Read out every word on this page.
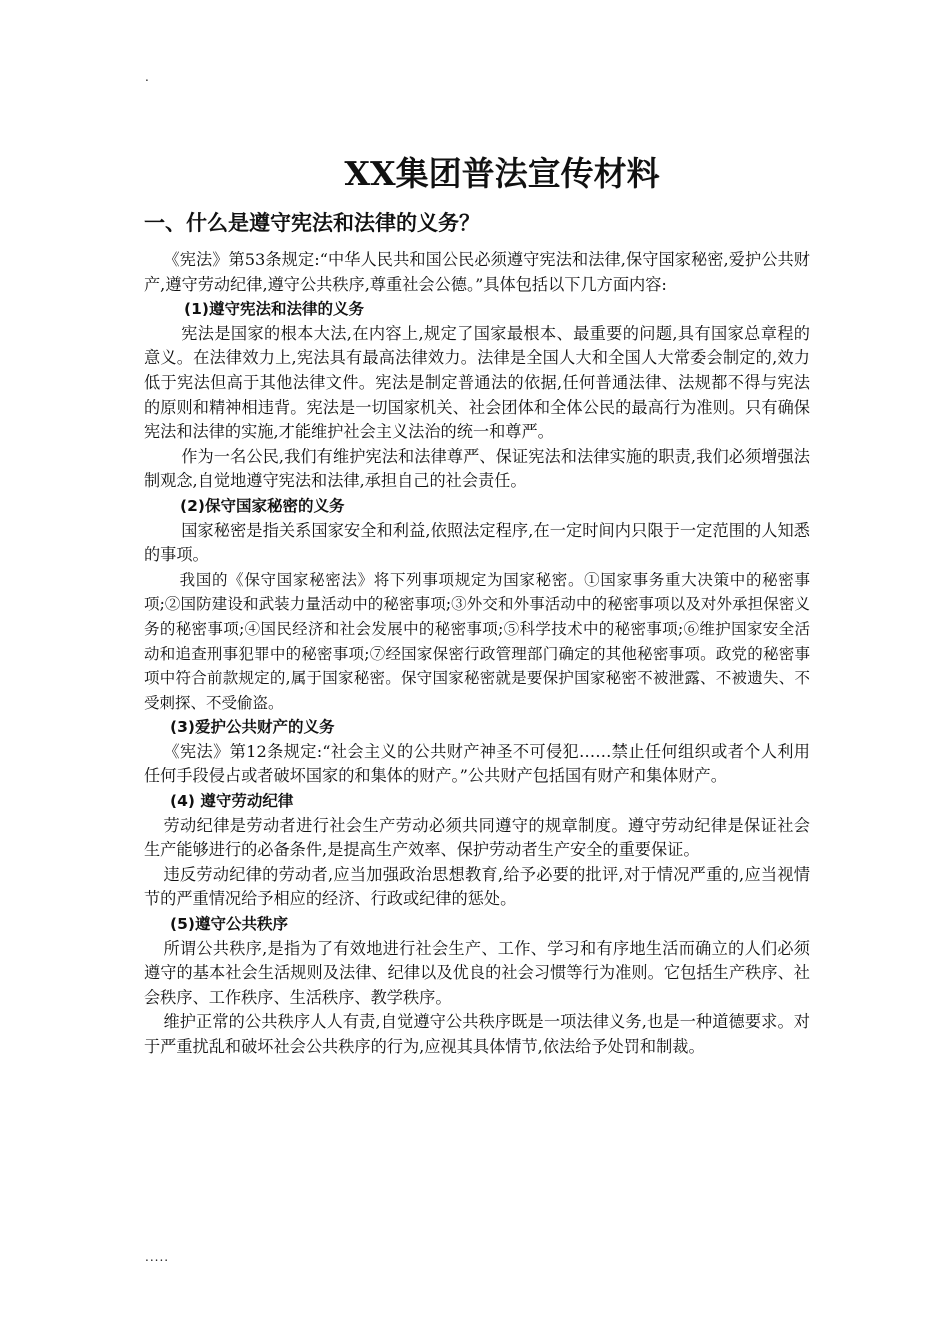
.
XX集团普法宣传材料
一、什么是遵守宪法和法律的义务？

《宪法》第53条规定:“中华人民共和国公民必须遵守宪法和法律,保守国家秘密,爱护公共财产,遵守劳动纪律,遵守公共秩序,尊重社会公德。”具体包括以下几方面内容:

(1)遵守宪法和法律的义务

宪法是国家的根本大法,在内容上,规定了国家最根本、最重要的问题,具有国家总章程的意义。在法律效力上,宪法具有最高法律效力。法律是全国人大和全国人大常委会制定的,效力低于宪法但高于其他法律文件。宪法是制定普通法的依据,任何普通法律、法规都不得与宪法的原则和精神相违背。宪法是一切国家机关、社会团体和全体公民的最高行为准则。只有确保宪法和法律的实施,才能维护社会主义法治的统一和尊严。

作为一名公民,我们有维护宪法和法律尊严、保证宪法和法律实施的职责,我们必须增强法制观念,自觉地遵守宪法和法律,承担自己的社会责任。

(2)保守国家秘密的义务

国家秘密是指关系国家安全和利益,依照法定程序,在一定时间内只限于一定范围的人知悉的事项。

我国的《保守国家秘密法》将下列事项规定为国家秘密。①国家事务重大决策中的秘密事项;②国防建设和武装力量活动中的秘密事项;③外交和外事活动中的秘密事项以及对外承担保密义务的秘密事项;④国民经济和社会发展中的秘密事项;⑤科学技术中的秘密事项;⑥维护国家安全活动和追查刑事犯罪中的秘密事项;⑦经国家保密行政管理部门确定的其他秘密事项。政党的秘密事项中符合前款规定的,属于国家秘密。保守国家秘密就是要保护国家秘密不被泄露、不被遗失、不受刺探、不受偷盗。

(3)爱护公共财产的义务

《宪法》第12条规定:“社会主义的公共财产神圣不可侵犯……禁止任何组织或者个人利用任何手段侵占或者破坏国家的和集体的财产。”公共财产包括国有财产和集体财产。

(4) 遵守劳动纪律

劳动纪律是劳动者进行社会生产劳动必须共同遵守的规章制度。遵守劳动纪律是保证社会生产能够进行的必备条件,是提高生产效率、保护劳动者生产安全的重要保证。

违反劳动纪律的劳动者,应当加强政治思想教育,给予必要的批评,对于情况严重的,应当视情节的严重情况给予相应的经济、行政或纪律的惩处。

(5)遵守公共秩序

所谓公共秩序,是指为了有效地进行社会生产、工作、学习和有序地生活而确立的人们必须遵守的基本社会生活规则及法律、纪律以及优良的社会习惯等行为准则。它包括生产秩序、社会秩序、工作秩序、生活秩序、教学秩序。

维护正常的公共秩序人人有责,自觉遵守公共秩序既是一项法律义务,也是一种道德要求。对于严重扰乱和破坏社会公共秩序的行为,应视其具体情节,依法给予处罚和制裁。

.....
